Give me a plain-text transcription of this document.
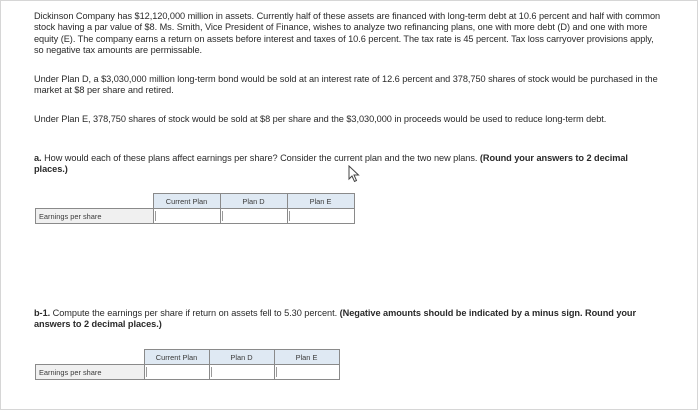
Dickinson Company has $12,120,000 million in assets. Currently half of these assets are financed with long-term debt at 10.6 percent and half with common stock having a par value of $8. Ms. Smith, Vice President of Finance, wishes to analyze two refinancing plans, one with more debt (D) and one with more equity (E). The company earns a return on assets before interest and taxes of 10.6 percent. The tax rate is 45 percent. Tax loss carryover provisions apply, so negative tax amounts are permissable.

Under Plan D, a $3,030,000 million long-term bond would be sold at an interest rate of 12.6 percent and 378,750 shares of stock would be purchased in the market at $8 per share and retired.

Under Plan E, 378,750 shares of stock would be sold at $8 per share and the $3,030,000 in proceeds would be used to reduce long-term debt.

a. How would each of these plans affect earnings per share? Consider the current plan and the two new plans. (Round your answers to 2 decimal places.)

	Current Plan	Plan D	Plan E
Earnings per share			

b-1. Compute the earnings per share if return on assets fell to 5.30 percent. (Negative amounts should be indicated by a minus sign. Round your answers to 2 decimal places.)

	Current Plan	Plan D	Plan E
Earnings per share			
